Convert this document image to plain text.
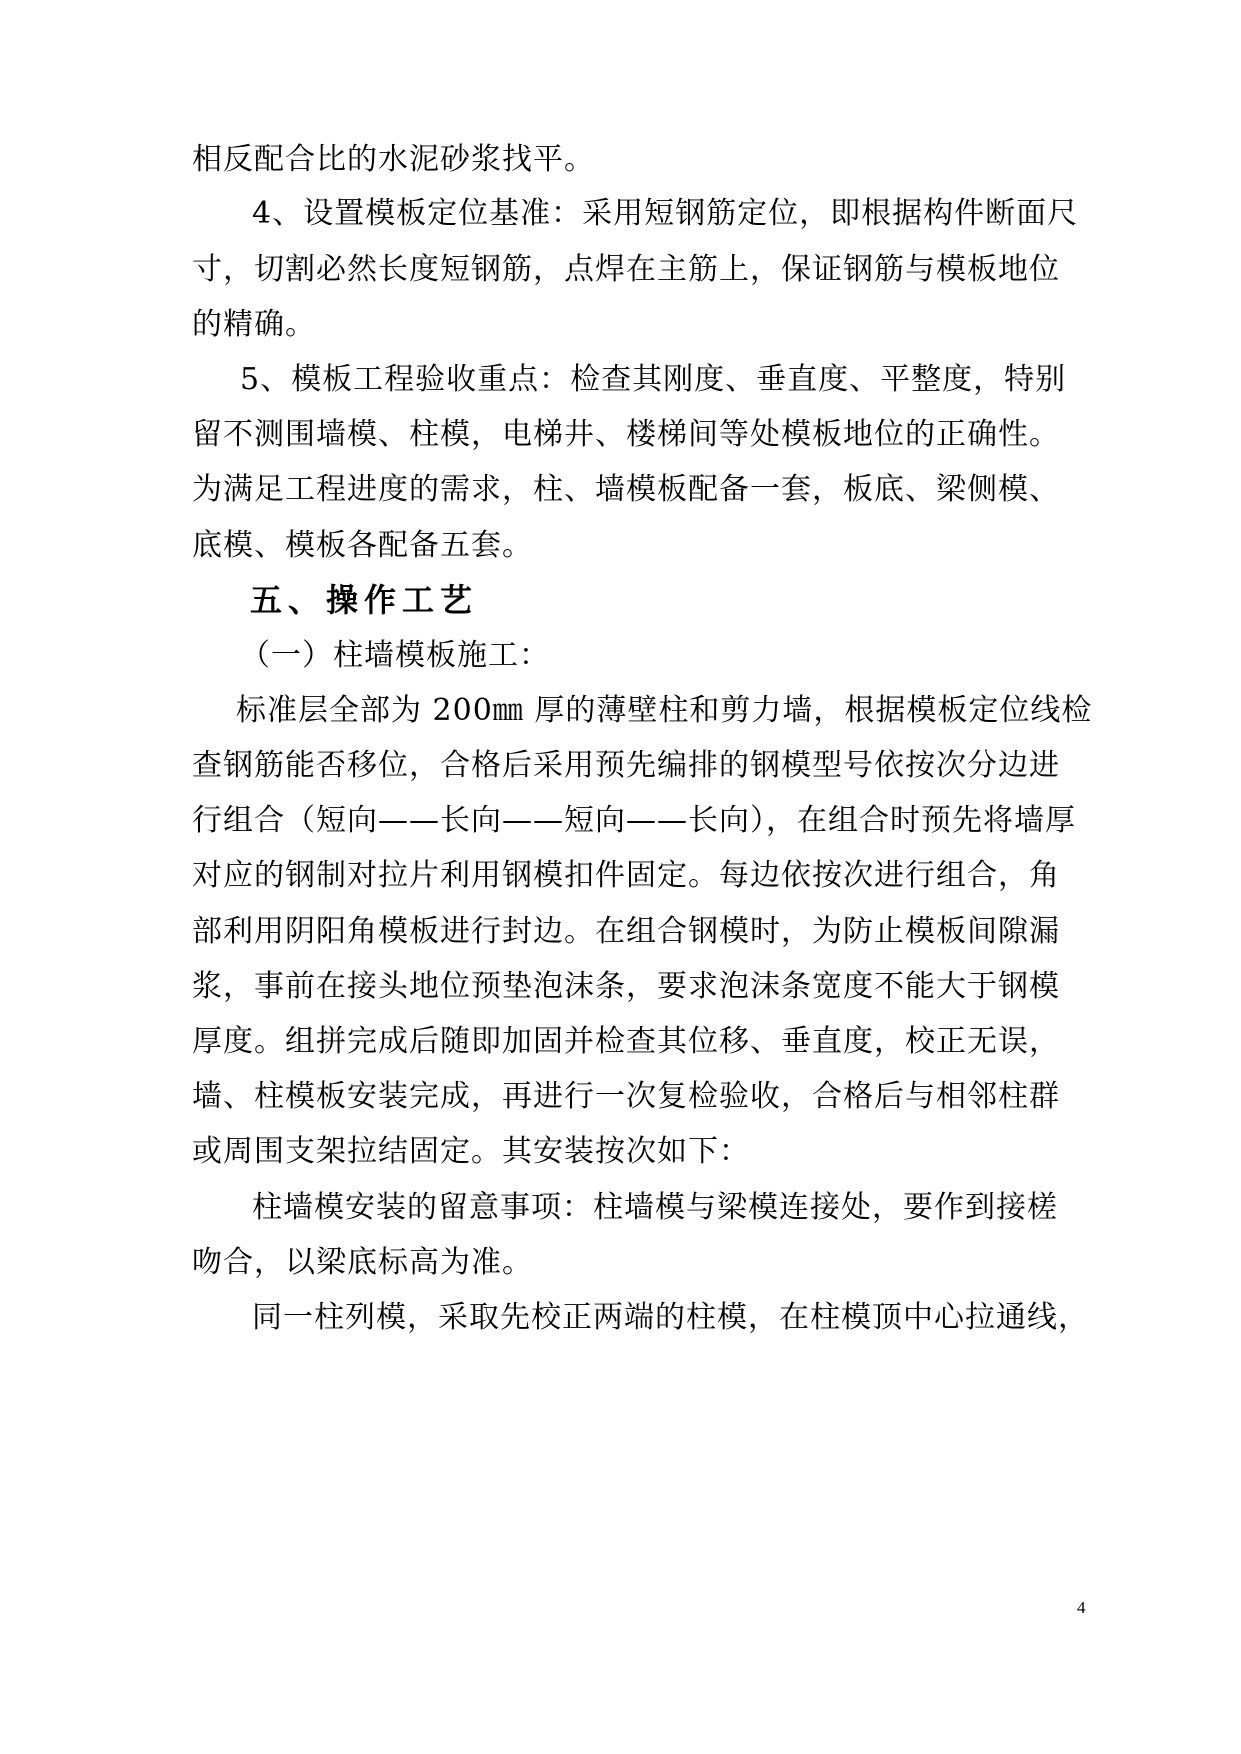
相反配合比的水泥砂浆找平。
4、设置模板定位基准：采用短钢筋定位，即根据构件断面尺
寸，切割必然长度短钢筋，点焊在主筋上，保证钢筋与模板地位
的精确。
5、模板工程验收重点：检查其刚度、垂直度、平整度，特别
留不测围墙模、柱模，电梯井、楼梯间等处模板地位的正确性。
为满足工程进度的需求，柱、墙模板配备一套，板底、梁侧模、
底模、模板各配备五套。
五、操作工艺
（一）柱墙模板施工：
标准层全部为 200㎜ 厚的薄壁柱和剪力墙，根据模板定位线检
查钢筋能否移位，合格后采用预先编排的钢模型号依按次分边进
行组合（短向——长向——短向——长向），在组合时预先将墙厚
对应的钢制对拉片利用钢模扣件固定。每边依按次进行组合，角
部利用阴阳角模板进行封边。在组合钢模时，为防止模板间隙漏
浆，事前在接头地位预垫泡沫条，要求泡沫条宽度不能大于钢模
厚度。组拼完成后随即加固并检查其位移、垂直度，校正无误，
墙、柱模板安装完成，再进行一次复检验收，合格后与相邻柱群
或周围支架拉结固定。其安装按次如下：
柱墙模安装的留意事项：柱墙模与梁模连接处，要作到接槎
吻合，以梁底标高为准。
同一柱列模，采取先校正两端的柱模，在柱模顶中心拉通线，
4
